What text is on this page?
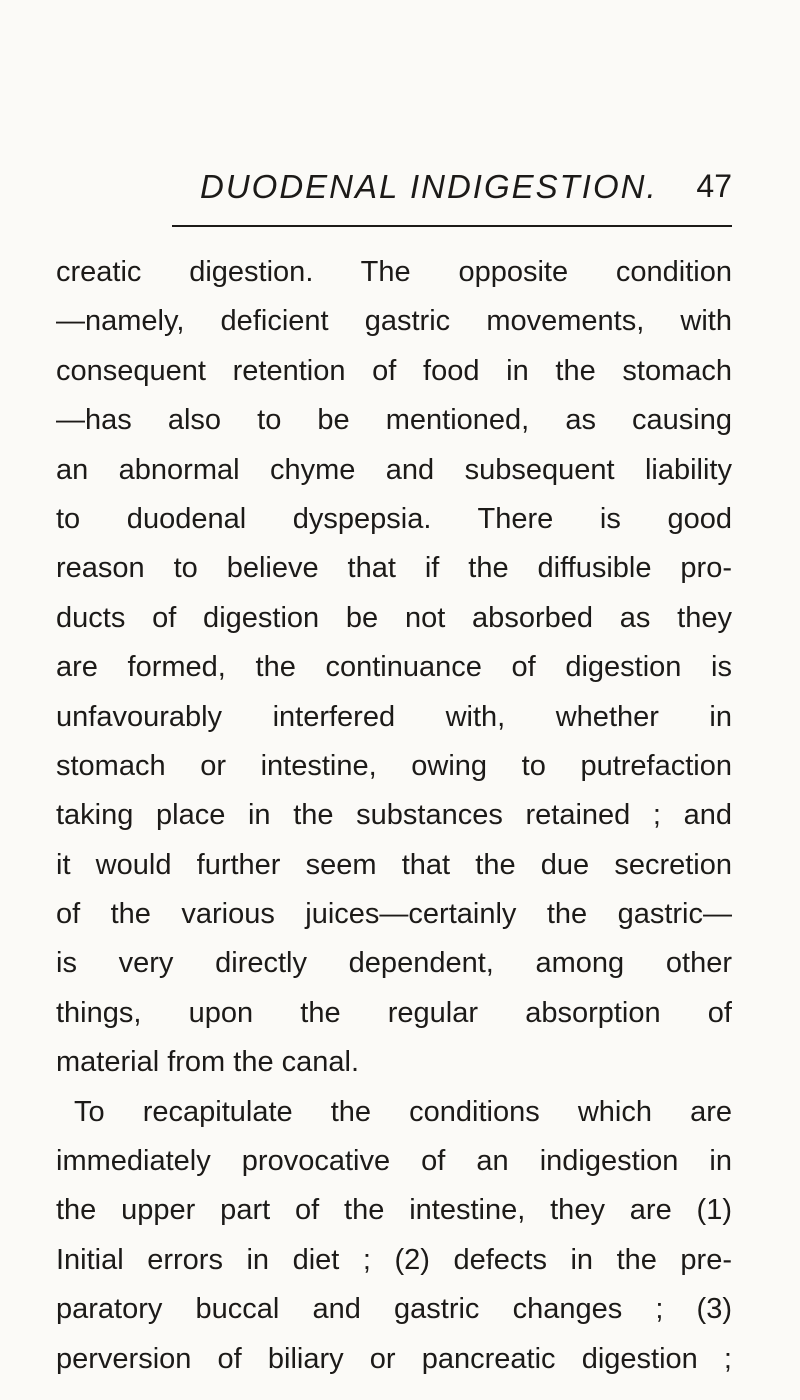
DUODENAL INDIGESTION. 47
creatic digestion. The opposite condition
—namely, deficient gastric movements, with
consequent retention of food in the stomach
—has also to be mentioned, as causing
an abnormal chyme and subsequent liability
to duodenal dyspepsia. There is good
reason to believe that if the diffusible pro-
ducts of digestion be not absorbed as they
are formed, the continuance of digestion is
unfavourably interfered with, whether in
stomach or intestine, owing to putrefaction
taking place in the substances retained ; and
it would further seem that the due secretion
of the various juices—certainly the gastric—
is very directly dependent, among other
things, upon the regular absorption of
material from the canal.
To recapitulate the conditions which are
immediately provocative of an indigestion in
the upper part of the intestine, they are (1)
Initial errors in diet ; (2) defects in the pre-
paratory buccal and gastric changes ; (3)
perversion of biliary or pancreatic digestion ;
